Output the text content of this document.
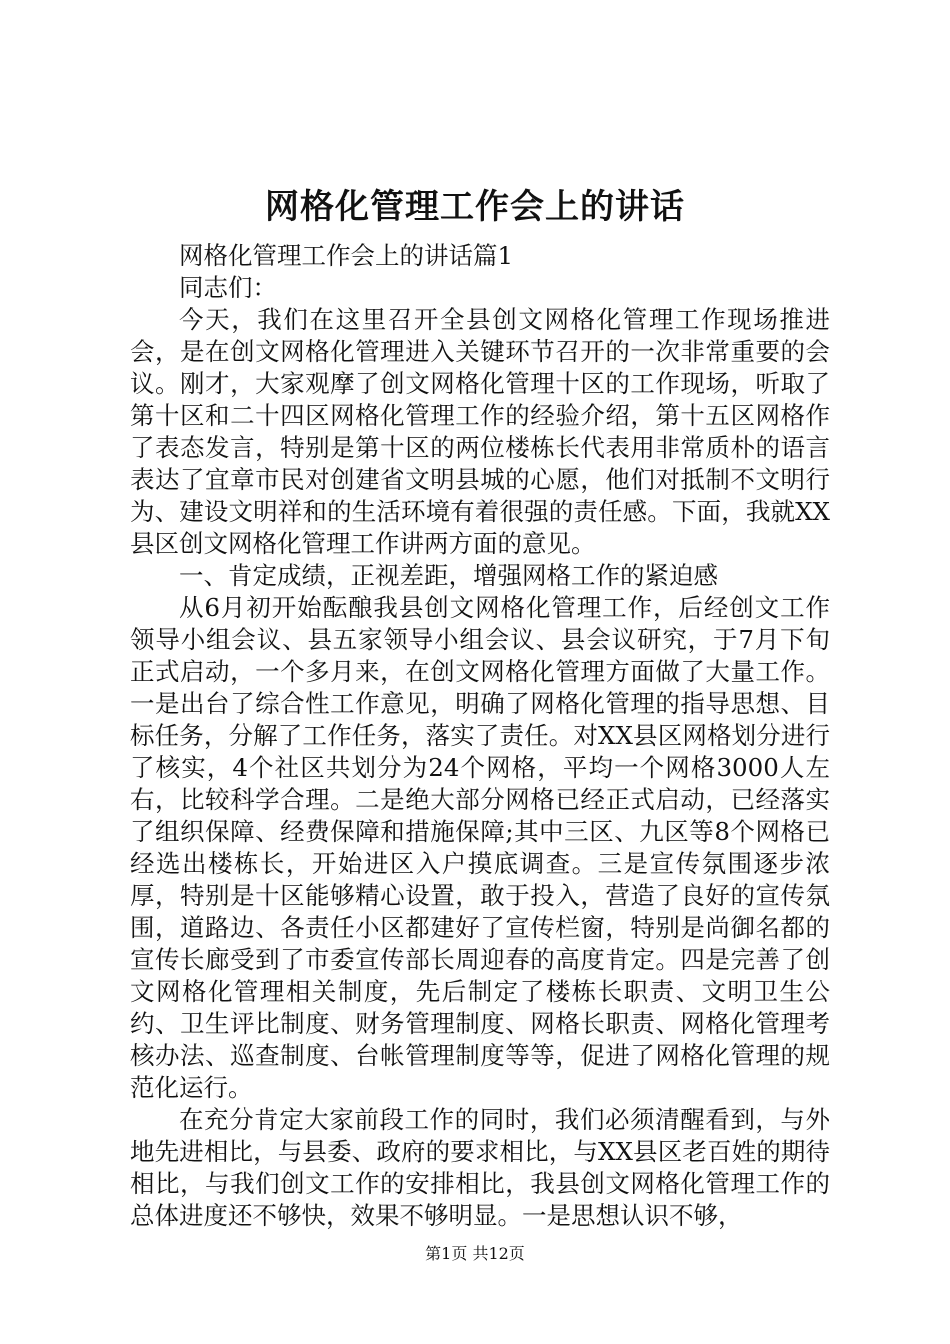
网格化管理工作会上的讲话

网格化管理工作会上的讲话篇1

同志们：

今天，我们在这里召开全县创文网格化管理工作现场推进会，是在创文网格化管理进入关键环节召开的一次非常重要的会议。刚才，大家观摩了创文网格化管理十区的工作现场，听取了第十区和二十四区网格化管理工作的经验介绍，第十五区网格作了表态发言，特别是第十区的两位楼栋长代表用非常质朴的语言表达了宜章市民对创建省文明县城的心愿，他们对抵制不文明行为、建设文明祥和的生活环境有着很强的责任感。下面，我就XX县区创文网格化管理工作讲两方面的意见。

一、肯定成绩，正视差距，增强网格工作的紧迫感

从6月初开始酝酿我县创文网格化管理工作，后经创文工作领导小组会议、县五家领导小组会议、县会议研究，于7月下旬正式启动，一个多月来，在创文网格化管理方面做了大量工作。一是出台了综合性工作意见，明确了网格化管理的指导思想、目标任务，分解了工作任务，落实了责任。对XX县区网格划分进行了核实，4个社区共划分为24个网格，平均一个网格3000人左右，比较科学合理。二是绝大部分网格已经正式启动，已经落实了组织保障、经费保障和措施保障;其中三区、九区等8个网格已经选出楼栋长，开始进区入户摸底调查。三是宣传氛围逐步浓厚，特别是十区能够精心设置，敢于投入，营造了良好的宣传氛围，道路边、各责任小区都建好了宣传栏窗，特别是尚御名都的宣传长廊受到了市委宣传部长周迎春的高度肯定。四是完善了创文网格化管理相关制度，先后制定了楼栋长职责、文明卫生公约、卫生评比制度、财务管理制度、网格长职责、网格化管理考核办法、巡查制度、台帐管理制度等等，促进了网格化管理的规范化运行。

在充分肯定大家前段工作的同时，我们必须清醒看到，与外地先进相比，与县委、政府的要求相比，与XX县区老百姓的期待相比，与我们创文工作的安排相比，我县创文网格化管理工作的总体进度还不够快，效果不够明显。一是思想认识不够，

第1页 共12页
